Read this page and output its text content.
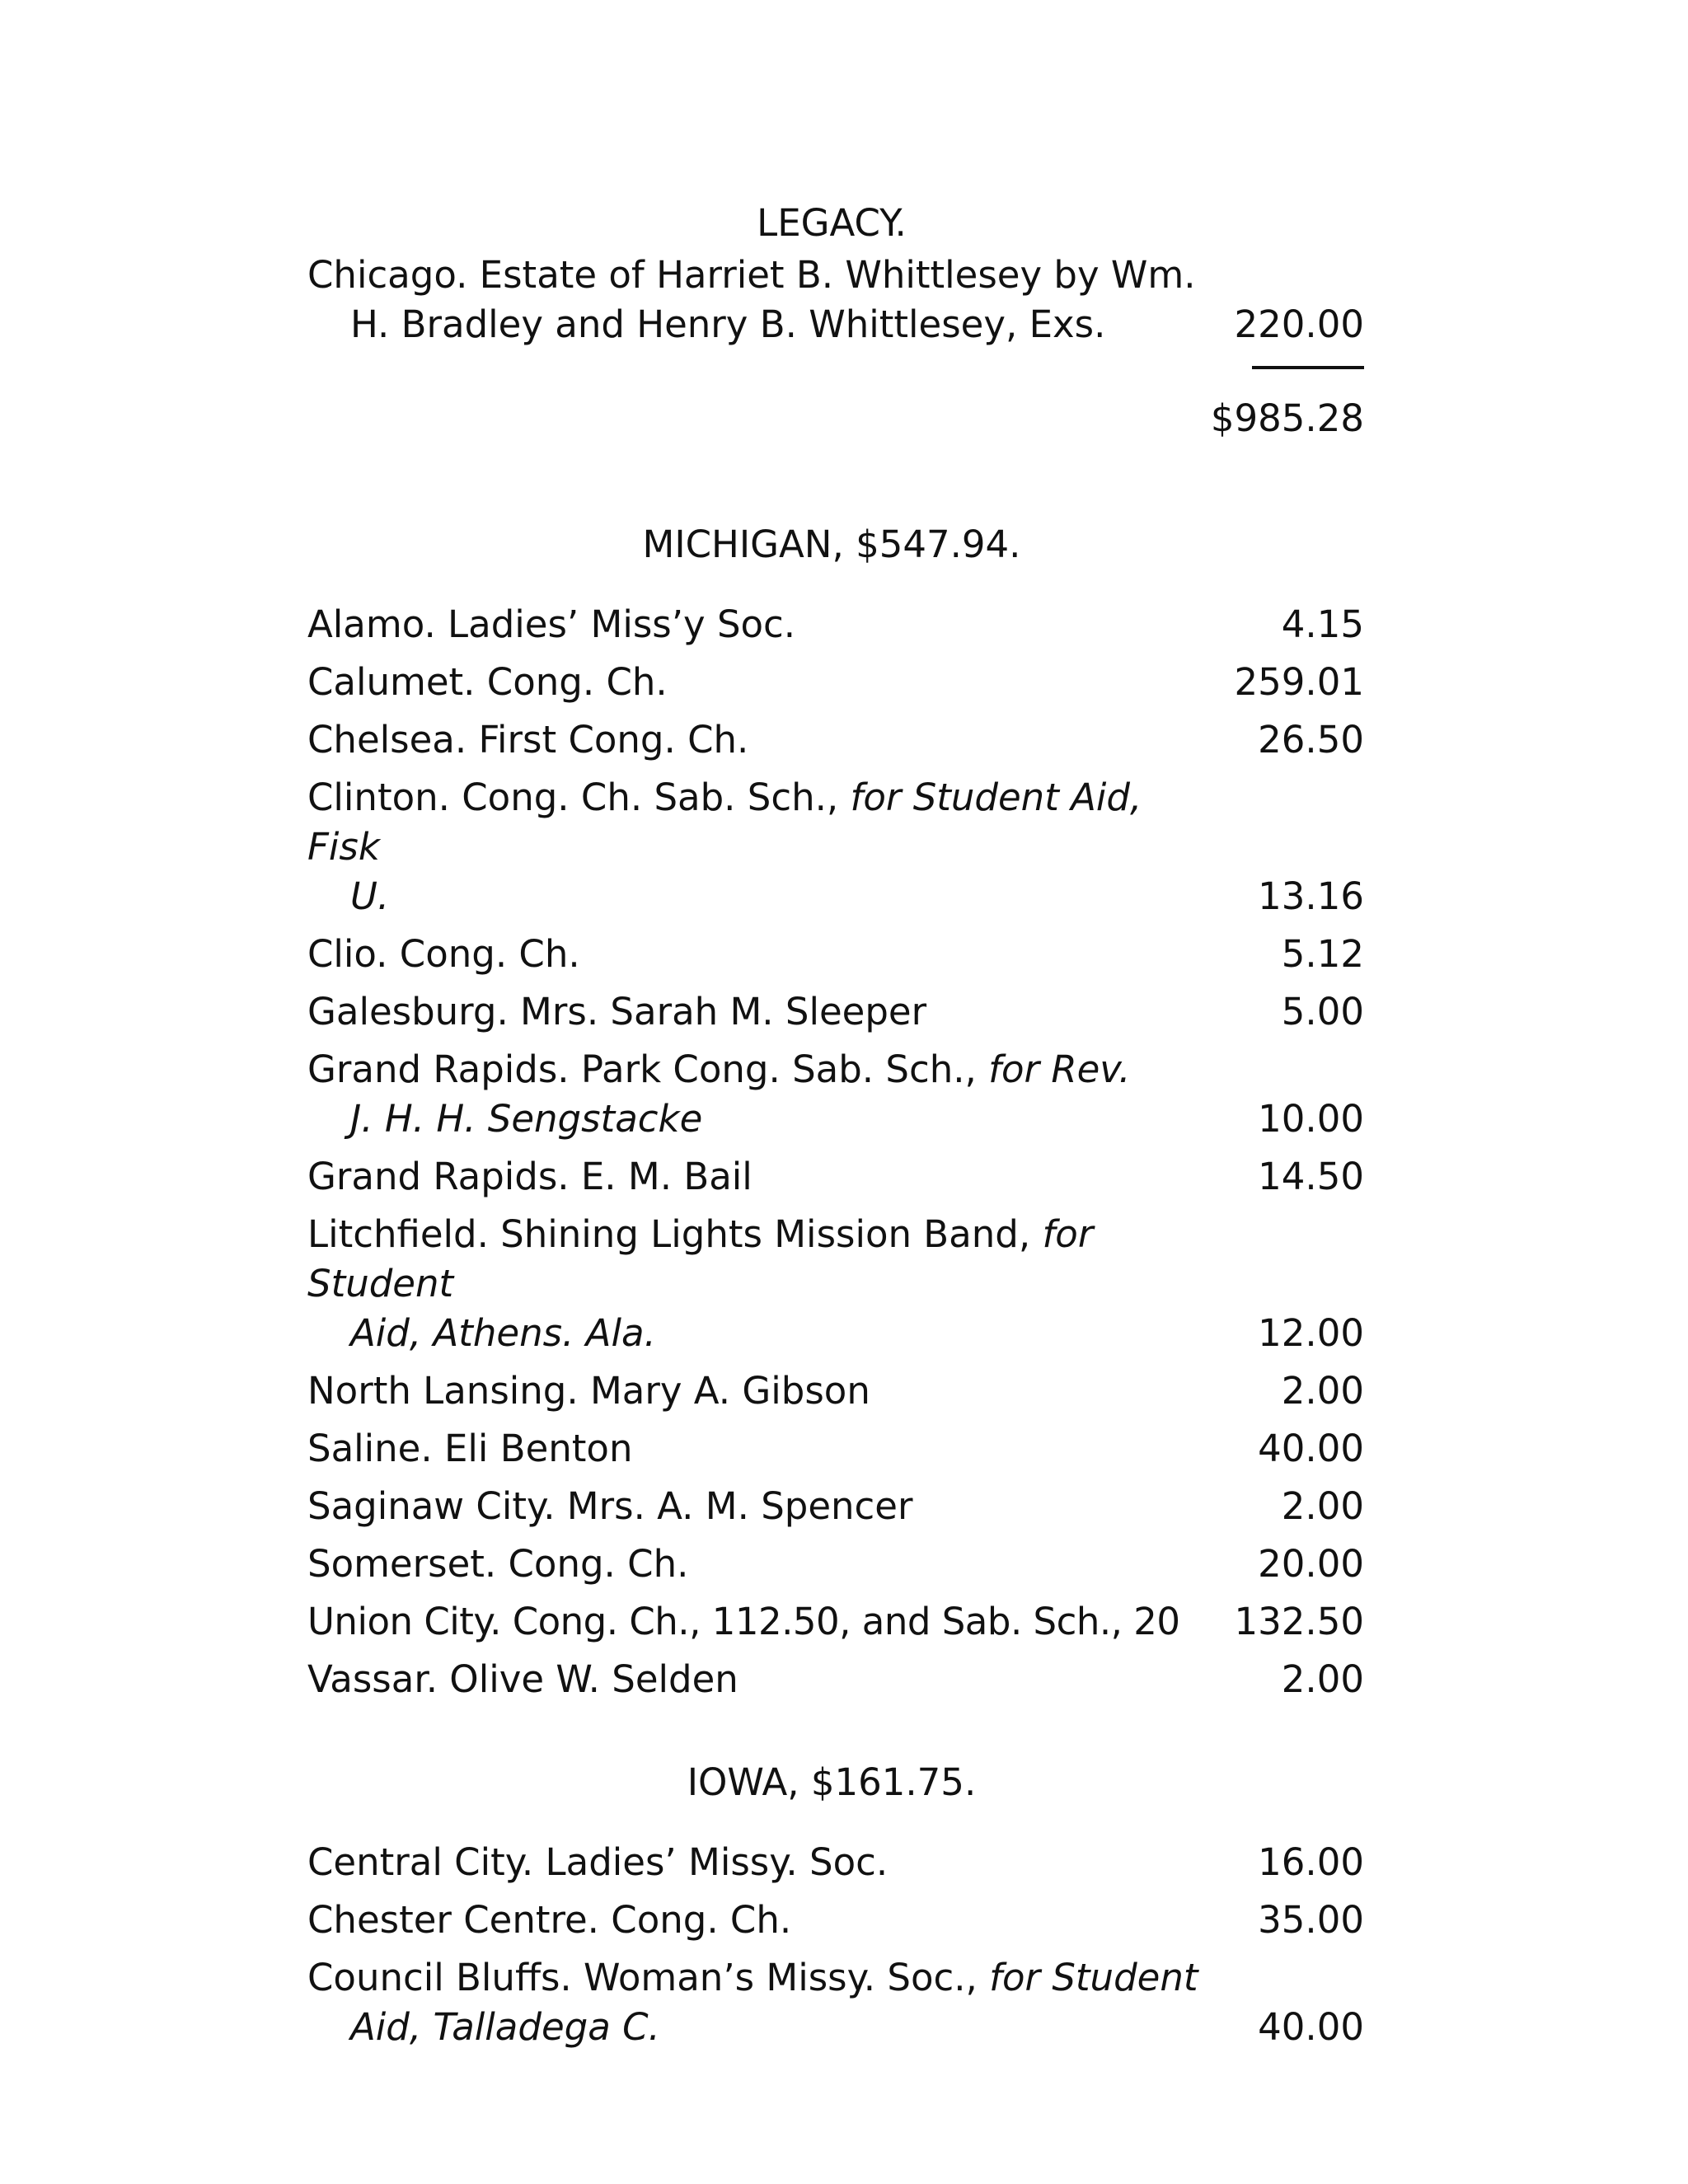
LEGACY.
Chicago. Estate of Harriet B. Whittlesey by Wm.
H. Bradley and Henry B. Whittlesey, Exs.	220.00
$985.28
MICHIGAN, $547.94.
Alamo. Ladies’ Miss’y Soc.	4.15
Calumet. Cong. Ch.	259.01
Chelsea. First Cong. Ch.	26.50
Clinton. Cong. Ch. Sab. Sch., for Student Aid, Fisk
U.	13.16
Clio. Cong. Ch.	5.12
Galesburg. Mrs. Sarah M. Sleeper	5.00
Grand Rapids. Park Cong. Sab. Sch., for Rev.
J. H. H. Sengstacke	10.00
Grand Rapids. E. M. Bail	14.50
Litchfield. Shining Lights Mission Band, for Student
Aid, Athens. Ala.	12.00
North Lansing. Mary A. Gibson	2.00
Saline. Eli Benton	40.00
Saginaw City. Mrs. A. M. Spencer	2.00
Somerset. Cong. Ch.	20.00
Union City. Cong. Ch., 112.50, and Sab. Sch., 20	132.50
Vassar. Olive W. Selden	2.00
IOWA, $161.75.
Central City. Ladies’ Missy. Soc.	16.00
Chester Centre. Cong. Ch.	35.00
Council Bluffs. Woman’s Missy. Soc., for Student
Aid, Talladega C.	40.00
